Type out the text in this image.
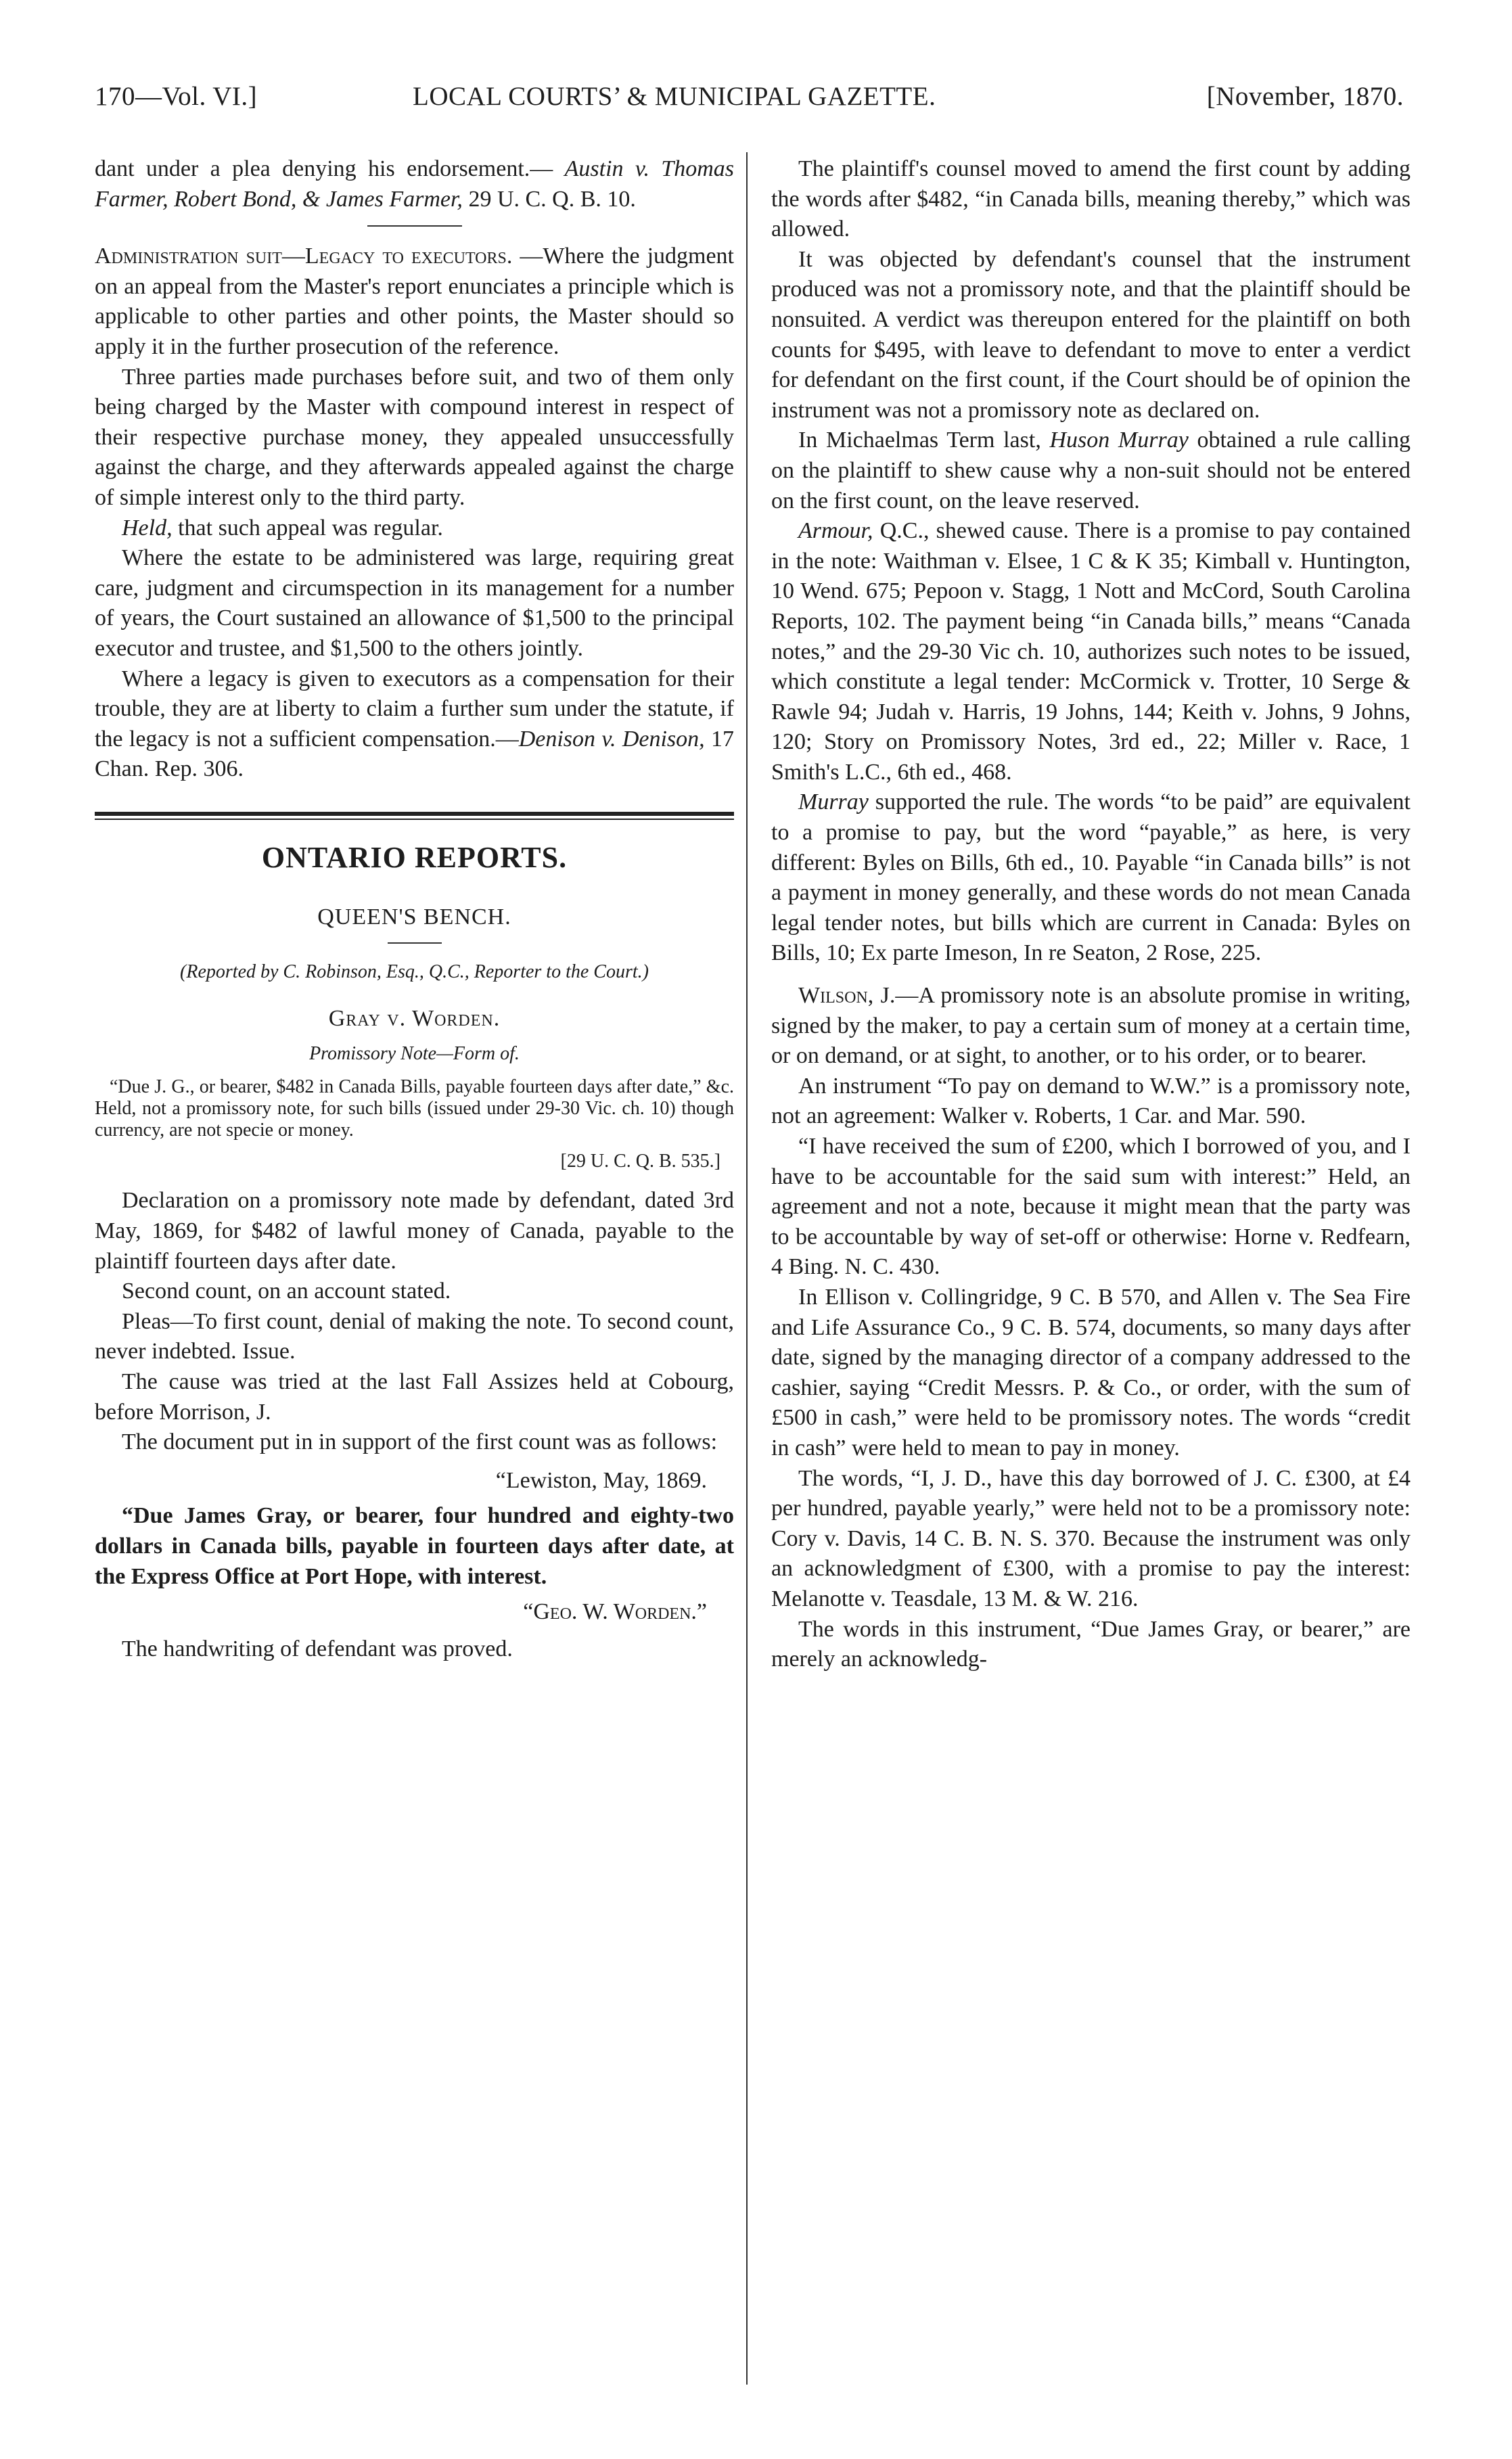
170—Vol. VI.]	LOCAL COURTS’ & MUNICIPAL GAZETTE.	[November, 1870.

dant under a plea denying his endorsement.— Austin v. Thomas Farmer, Robert Bond, & James Farmer, 29 U. C. Q. B. 10.

Administration suit—Legacy to executors. —Where the judgment on an appeal from the Master's report enunciates a principle which is applicable to other parties and other points, the Master should so apply it in the further prosecution of the reference.

Three parties made purchases before suit, and two of them only being charged by the Master with compound interest in respect of their respective purchase money, they appealed unsuccessfully against the charge, and they afterwards appealed against the charge of simple interest only to the third party.

Held, that such appeal was regular.

Where the estate to be administered was large, requiring great care, judgment and circumspection in its management for a number of years, the Court sustained an allowance of $1,500 to the principal executor and trustee, and $1,500 to the others jointly.

Where a legacy is given to executors as a compensation for their trouble, they are at liberty to claim a further sum under the statute, if the legacy is not a sufficient compensation.—Denison v. Denison, 17 Chan. Rep. 306.

ONTARIO REPORTS.
QUEEN'S BENCH.
(Reported by C. Robinson, Esq., Q.C., Reporter to the Court.)
Gray v. Worden.
Promissory Note—Form of.

“Due J. G., or bearer, $482 in Canada Bills, payable fourteen days after date,” &c. Held, not a promissory note, for such bills (issued under 29-30 Vic. ch. 10) though currency, are not specie or money.

[29 U. C. Q. B. 535.]

Declaration on a promissory note made by defendant, dated 3rd May, 1869, for $482 of lawful money of Canada, payable to the plaintiff fourteen days after date.

Second count, on an account stated.

Pleas—To first count, denial of making the note. To second count, never indebted. Issue.

The cause was tried at the last Fall Assizes held at Cobourg, before Morrison, J.

The document put in in support of the first count was as follows:

“Lewiston, May, 1869.

“Due James Gray, or bearer, four hundred and eighty-two dollars in Canada bills, payable in fourteen days after date, at the Express Office at Port Hope, with interest.

“Geo. W. Worden.”

The handwriting of defendant was proved.

The plaintiff's counsel moved to amend the first count by adding the words after $482, “in Canada bills, meaning thereby,” which was allowed.

It was objected by defendant's counsel that the instrument produced was not a promissory note, and that the plaintiff should be nonsuited. A verdict was thereupon entered for the plaintiff on both counts for $495, with leave to defendant to move to enter a verdict for defendant on the first count, if the Court should be of opinion the instrument was not a promissory note as declared on.

In Michaelmas Term last, Huson Murray obtained a rule calling on the plaintiff to shew cause why a non-suit should not be entered on the first count, on the leave reserved.

Armour, Q.C., shewed cause. There is a promise to pay contained in the note: Waithman v. Elsee, 1 C & K 35; Kimball v. Huntington, 10 Wend. 675; Pepoon v. Stagg, 1 Nott and McCord, South Carolina Reports, 102. The payment being “in Canada bills,” means “Canada notes,” and the 29-30 Vic ch. 10, authorizes such notes to be issued, which constitute a legal tender: McCormick v. Trotter, 10 Serge & Rawle 94; Judah v. Harris, 19 Johns, 144; Keith v. Johns, 9 Johns, 120; Story on Promissory Notes, 3rd ed., 22; Miller v. Race, 1 Smith's L.C., 6th ed., 468.

Murray supported the rule. The words “to be paid” are equivalent to a promise to pay, but the word “payable,” as here, is very different: Byles on Bills, 6th ed., 10. Payable “in Canada bills” is not a payment in money generally, and these words do not mean Canada legal tender notes, but bills which are current in Canada: Byles on Bills, 10; Ex parte Imeson, In re Seaton, 2 Rose, 225.

Wilson, J.—A promissory note is an absolute promise in writing, signed by the maker, to pay a certain sum of money at a certain time, or on demand, or at sight, to another, or to his order, or to bearer.

An instrument “To pay on demand to W.W.” is a promissory note, not an agreement: Walker v. Roberts, 1 Car. and Mar. 590.

“I have received the sum of £200, which I borrowed of you, and I have to be accountable for the said sum with interest:” Held, an agreement and not a note, because it might mean that the party was to be accountable by way of set-off or otherwise: Horne v. Redfearn, 4 Bing. N. C. 430.

In Ellison v. Collingridge, 9 C. B 570, and Allen v. The Sea Fire and Life Assurance Co., 9 C. B. 574, documents, so many days after date, signed by the managing director of a company addressed to the cashier, saying “Credit Messrs. P. & Co., or order, with the sum of £500 in cash,” were held to be promissory notes. The words “credit in cash” were held to mean to pay in money.

The words, “I, J. D., have this day borrowed of J. C. £300, at £4 per hundred, payable yearly,” were held not to be a promissory note: Cory v. Davis, 14 C. B. N. S. 370. Because the instrument was only an acknowledgment of £300, with a promise to pay the interest: Melanotte v. Teasdale, 13 M. & W. 216.

The words in this instrument, “Due James Gray, or bearer,” are merely an acknowledg-
